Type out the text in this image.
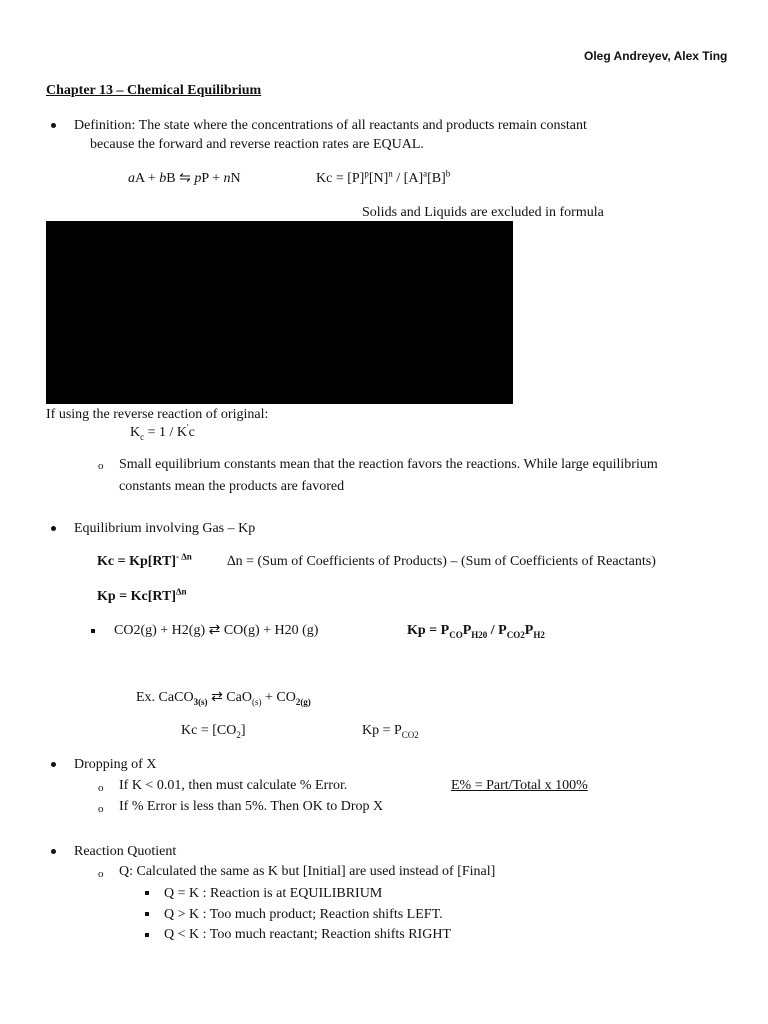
Oleg Andreyev, Alex Ting
Chapter 13 – Chemical Equilibrium
Definition: The state where the concentrations of all reactants and products remain constant
because the forward and reverse reaction rates are EQUAL.
aA + bB ⇋ pP + nN	$Kc = [P]^p[N]^n / [A]^a[B]^b$
Solids and Liquids are excluded in formula
If using the reverse reaction of original:
$K_c = 1 / K'c$
o Small equilibrium constants mean that the reaction favors the reactions. While large equilibrium
constants mean the products are favored
Equilibrium involving Gas – Kp
Kc = Kp[RT]$^{- \Delta n}$	∆n = (Sum of Coefficients of Products) – (Sum of Coefficients of Reactants)
Kp = Kc[RT]$^{\Delta n}$
CO2(g) + H2(g) ⇄ CO(g) + H20 (g)	$Kp = P_{CO}P_{H20} / P_{CO2}P_{H2}$
Ex. CaCO$_{3(s)}$ ⇄ $CaO_{(s)} + CO_{2(g)}$
$Kc = [CO_2]$	$Kp = P_{CO2}$
Dropping of X
o If K < 0.01, then must calculate % Error.	E% = Part/Total x 100%
o If % Error is less than 5%. Then OK to Drop X
Reaction Quotient
o Q: Calculated the same as K but [Initial] are used instead of [Final]
Q = K : Reaction is at EQUILIBRIUM
Q > K : Too much product; Reaction shifts LEFT.
Q < K : Too much reactant; Reaction shifts RIGHT
